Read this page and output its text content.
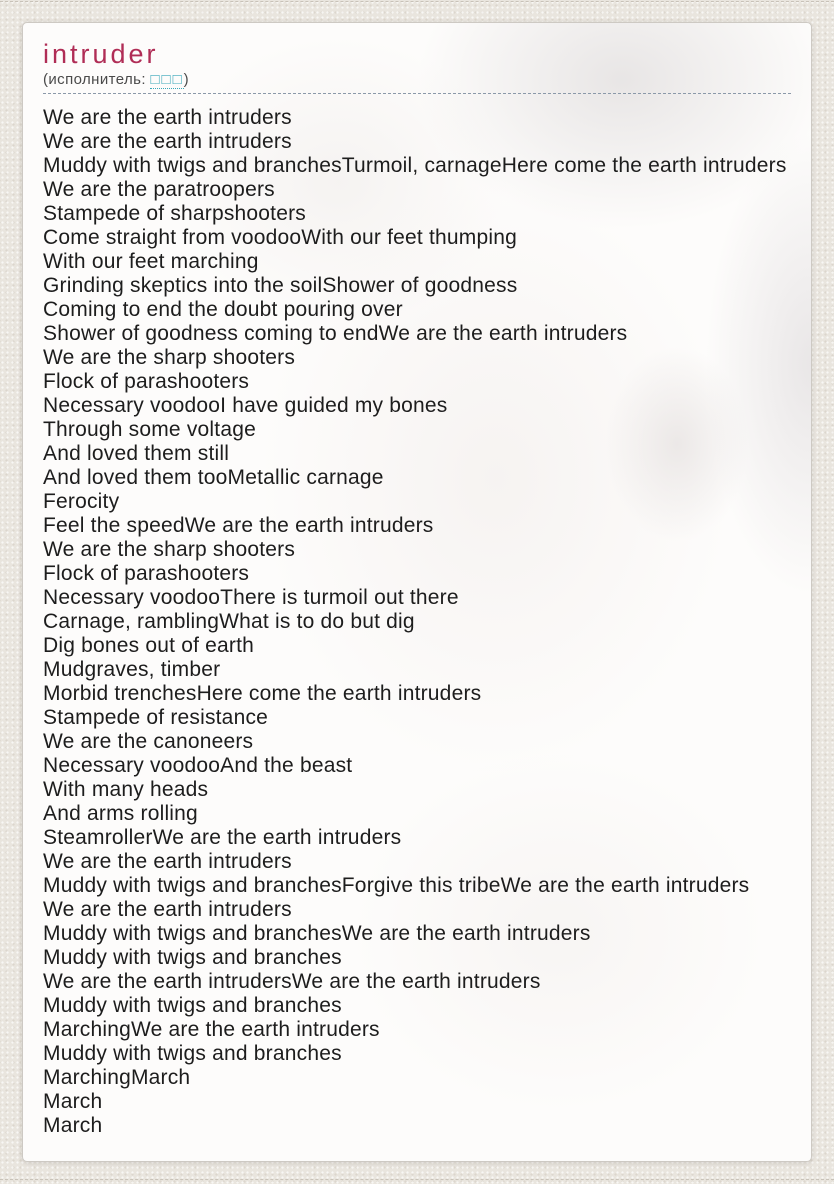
intruder
(исполнитель: □□□)
We are the earth intruders
We are the earth intruders
Muddy with twigs and branchesTurmoil, carnageHere come the earth intruders
We are the paratroopers
Stampede of sharpshooters
Come straight from voodooWith our feet thumping
With our feet marching
Grinding skeptics into the soilShower of goodness
Coming to end the doubt pouring over
Shower of goodness coming to endWe are the earth intruders
We are the sharp shooters
Flock of parashooters
Necessary voodooI have guided my bones
Through some voltage
And loved them still
And loved them tooMetallic carnage
Ferocity
Feel the speedWe are the earth intruders
We are the sharp shooters
Flock of parashooters
Necessary voodooThere is turmoil out there
Carnage, ramblingWhat is to do but dig
Dig bones out of earth
Mudgraves, timber
Morbid trenchesHere come the earth intruders
Stampede of resistance
We are the canoneers
Necessary voodooAnd the beast
With many heads
And arms rolling
SteamrollerWe are the earth intruders
We are the earth intruders
Muddy with twigs and branchesForgive this tribeWe are the earth intruders
We are the earth intruders
Muddy with twigs and branchesWe are the earth intruders
Muddy with twigs and branches
We are the earth intrudersWe are the earth intruders
Muddy with twigs and branches
MarchingWe are the earth intruders
Muddy with twigs and branches
MarchingMarch
March
March
